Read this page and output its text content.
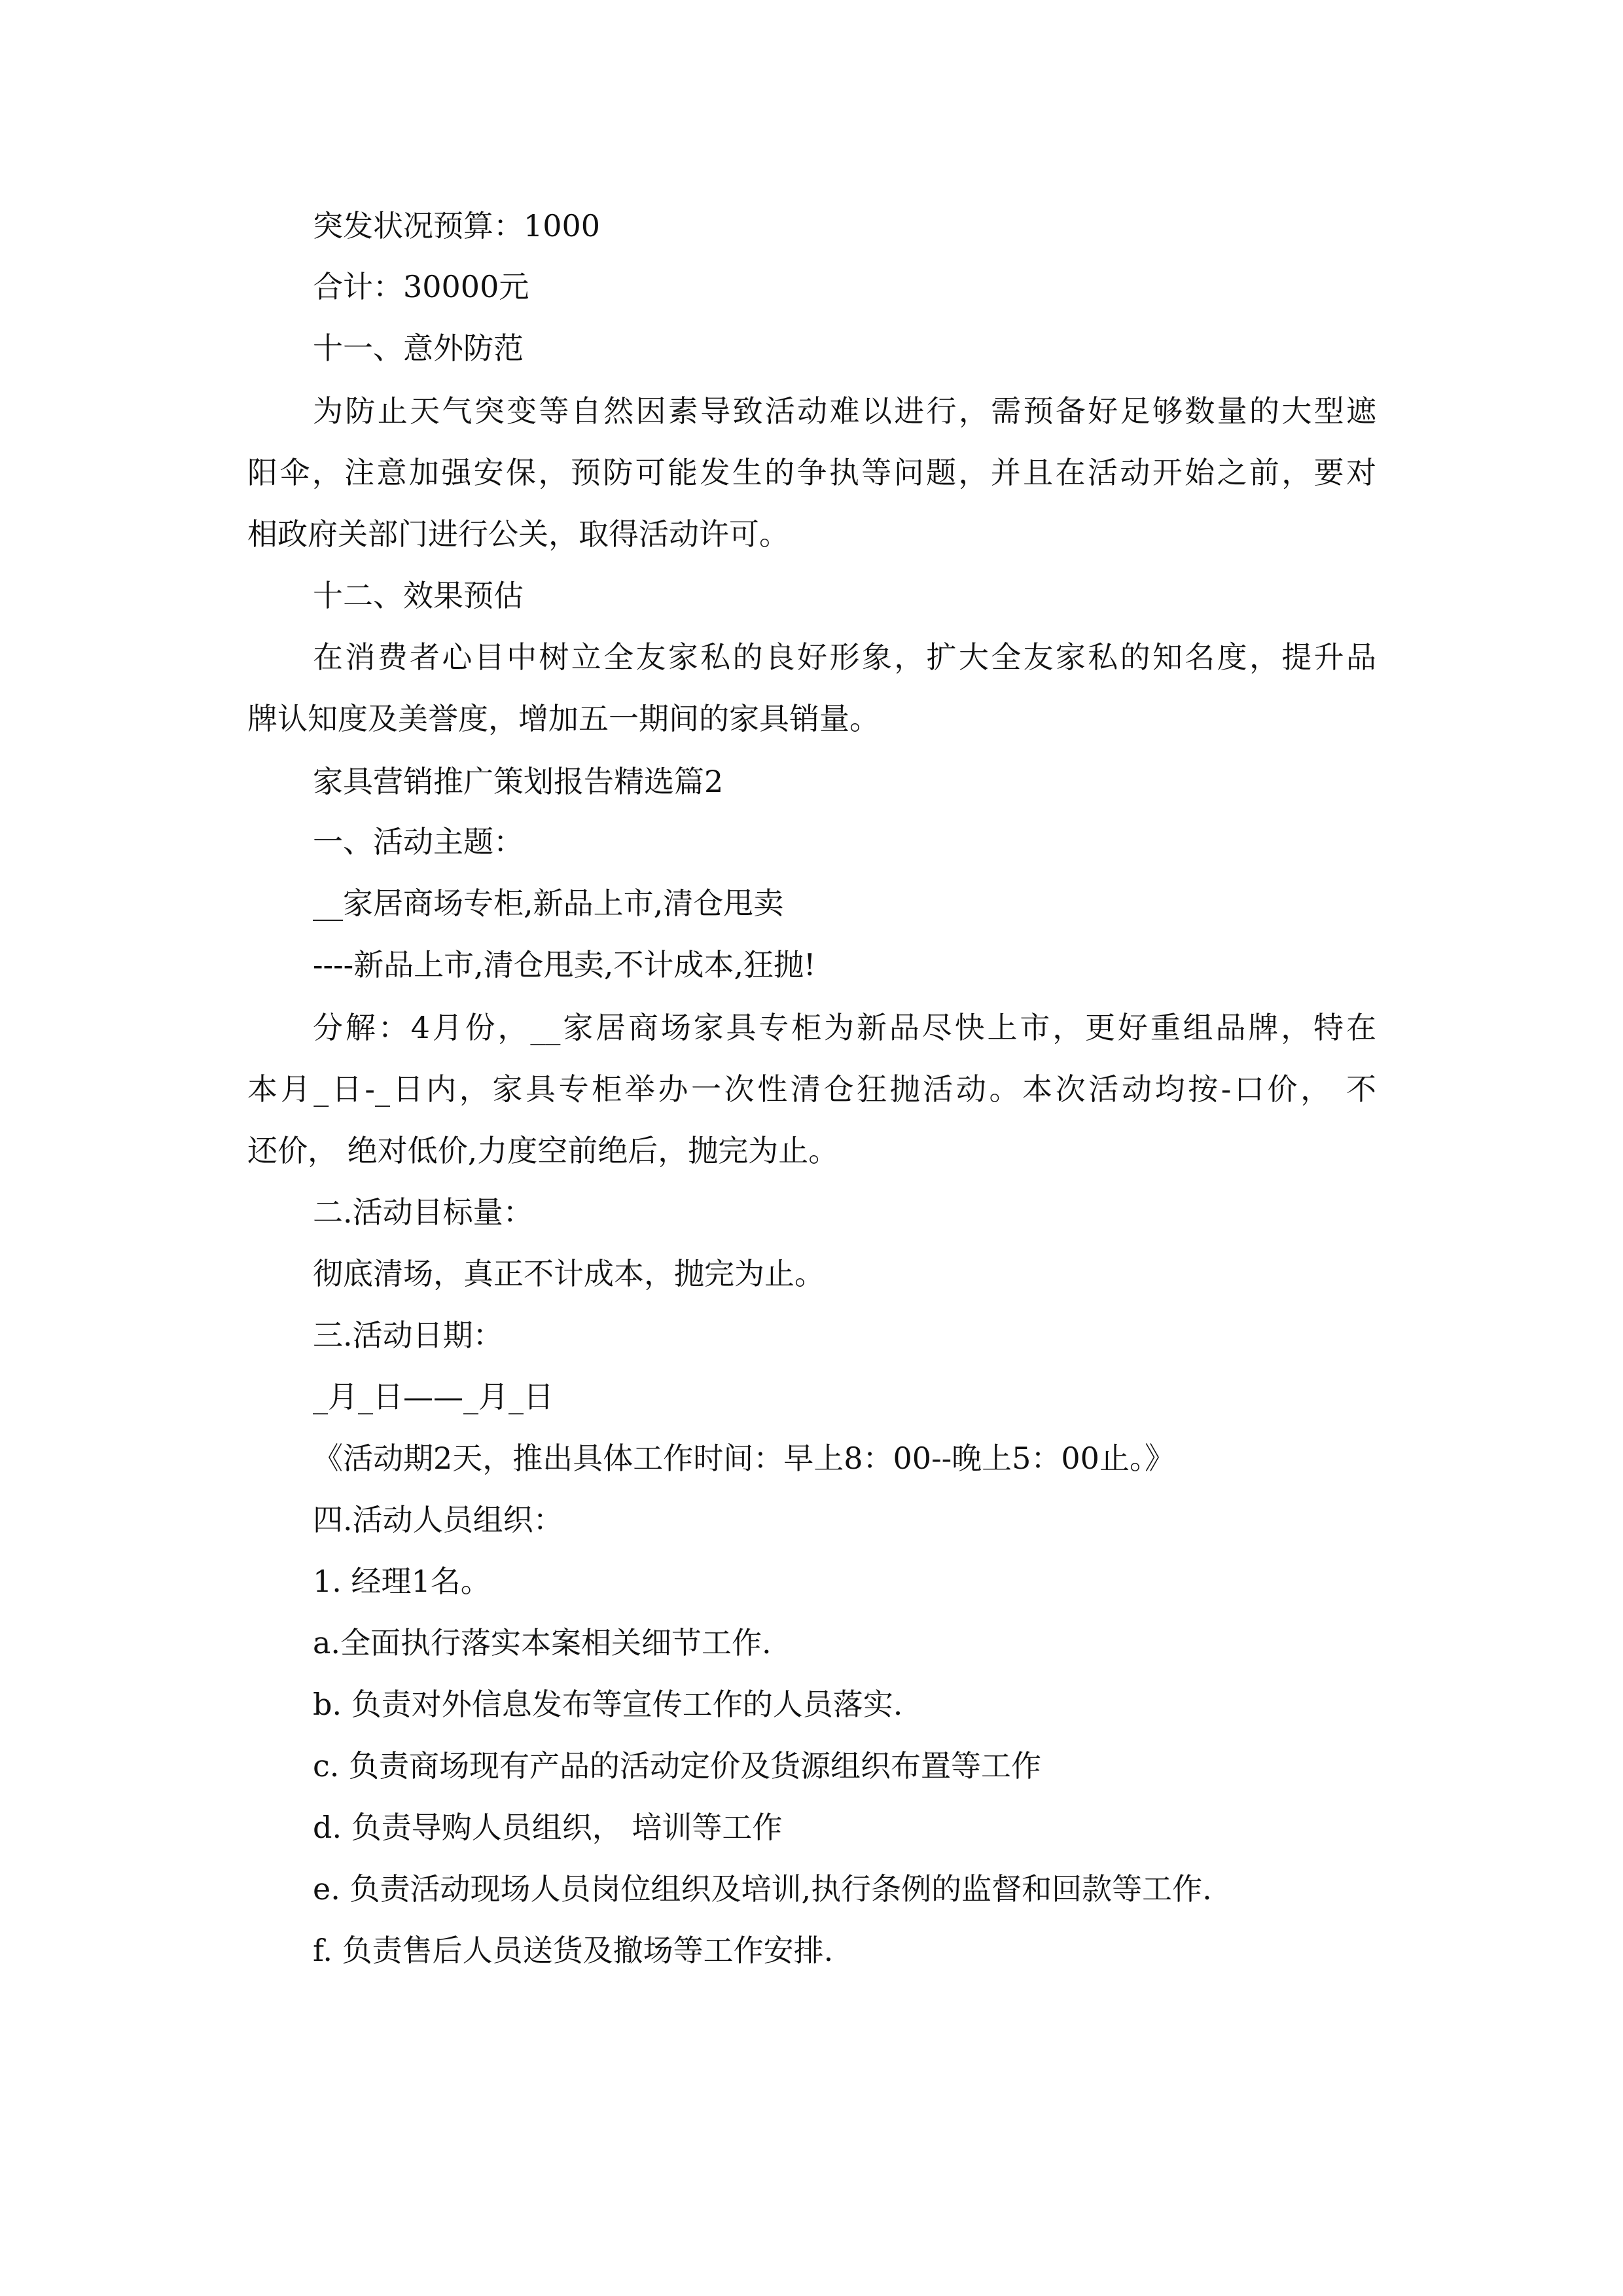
突发状况预算：1000
合计：30000元
十一、意外防范
为防止天气突变等自然因素导致活动难以进行，需预备好足够数量的大型遮
阳伞，注意加强安保，预防可能发生的争执等问题，并且在活动开始之前，要对
相政府关部门进行公关，取得活动许可。
十二、效果预估
在消费者心目中树立全友家私的良好形象，扩大全友家私的知名度，提升品
牌认知度及美誉度，增加五一期间的家具销量。
家具营销推广策划报告精选篇2
一、活动主题：
__家居商场专柜,新品上市,清仓甩卖
----新品上市,清仓甩卖,不计成本,狂抛!
分解：4月份，__家居商场家具专柜为新品尽快上市，更好重组品牌，特在
本月_日-_日内，家具专柜举办一次性清仓狂抛活动。本次活动均按-口价， 不
还价， 绝对低价,力度空前绝后，抛完为止。
二.活动目标量：
彻底清场，真正不计成本，抛完为止。
三.活动日期：
_月_日——_月_日
《活动期2天，推出具体工作时间：早上8：00--晚上5：00止。》
四.活动人员组织：
1. 经理1名。
a.全面执行落实本案相关细节工作.
b. 负责对外信息发布等宣传工作的人员落实.
c. 负责商场现有产品的活动定价及货源组织布置等工作
d. 负责导购人员组织， 培训等工作
e. 负责活动现场人员岗位组织及培训,执行条例的监督和回款等工作.
f. 负责售后人员送货及撤场等工作安排.
